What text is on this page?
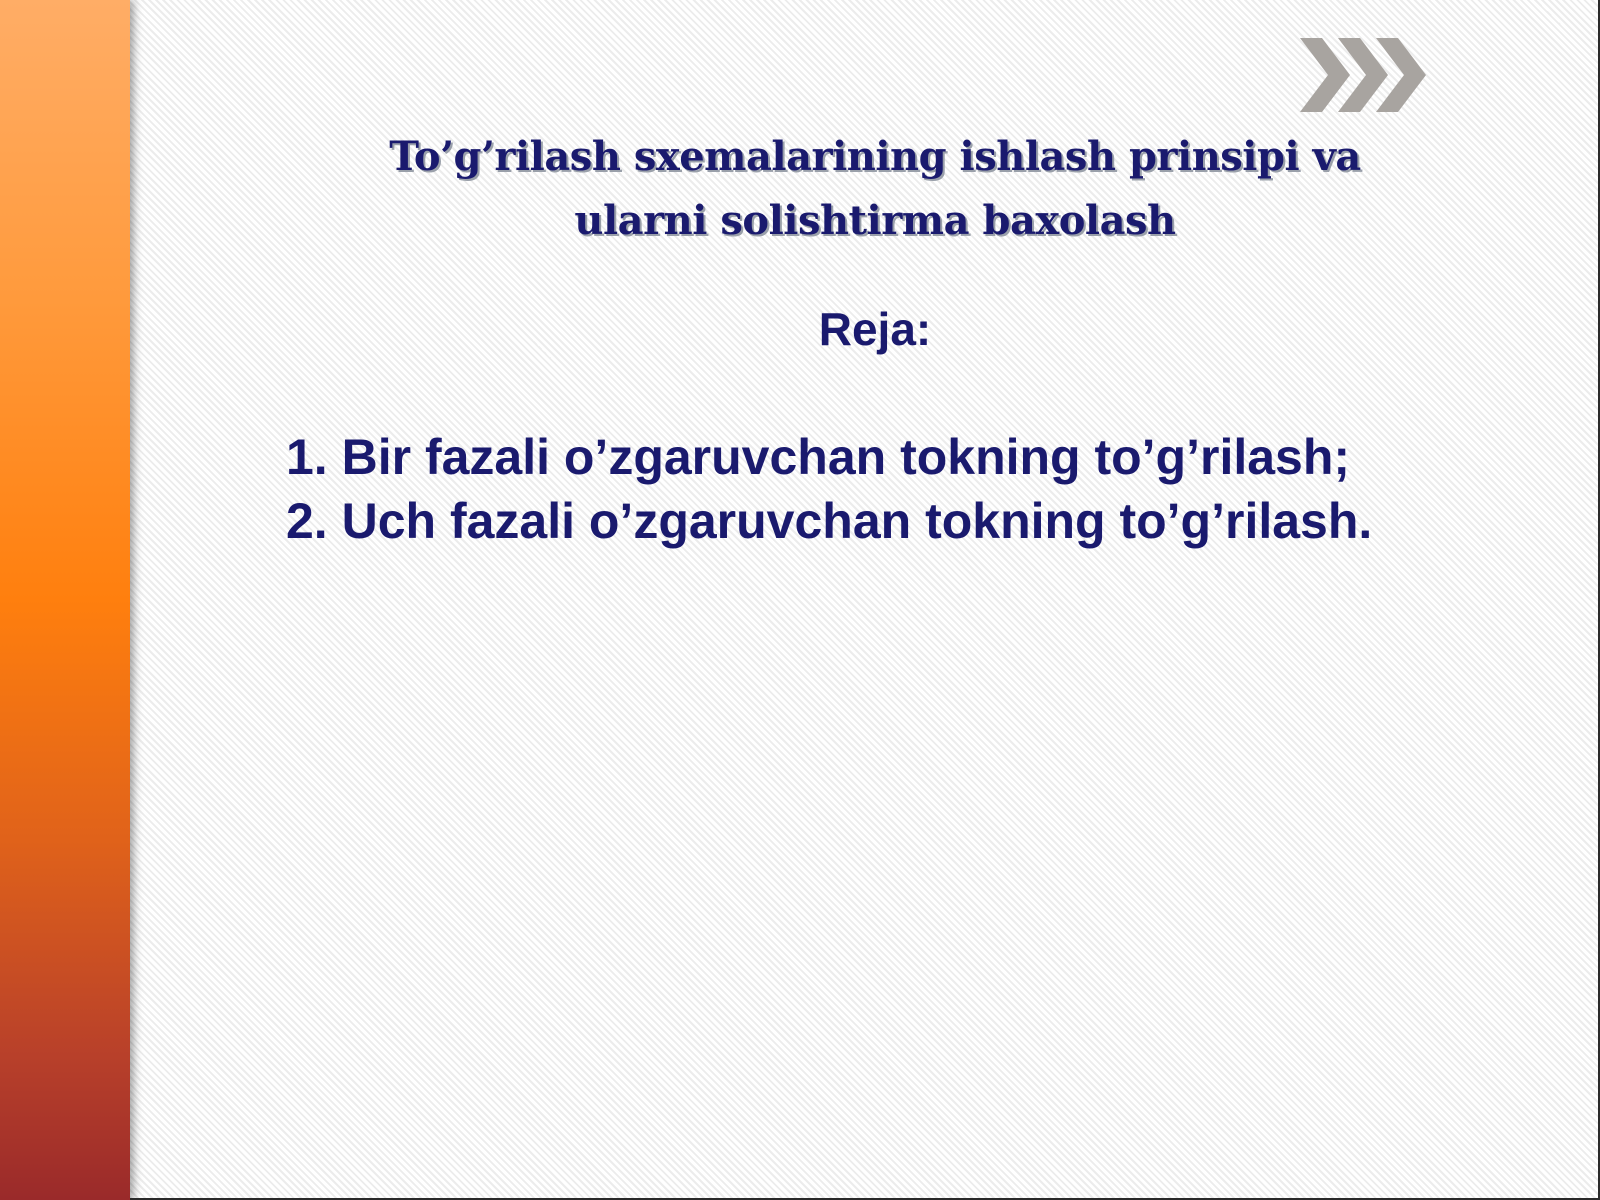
To’g’rilash sxemalarining ishlash prinsipi va
ularni solishtirma baxolash
Reja:
1. Bir fazali o’zgaruvchan tokning to’g’rilash;
2. Uch fazali o’zgaruvchan tokning to’g’rilash.
